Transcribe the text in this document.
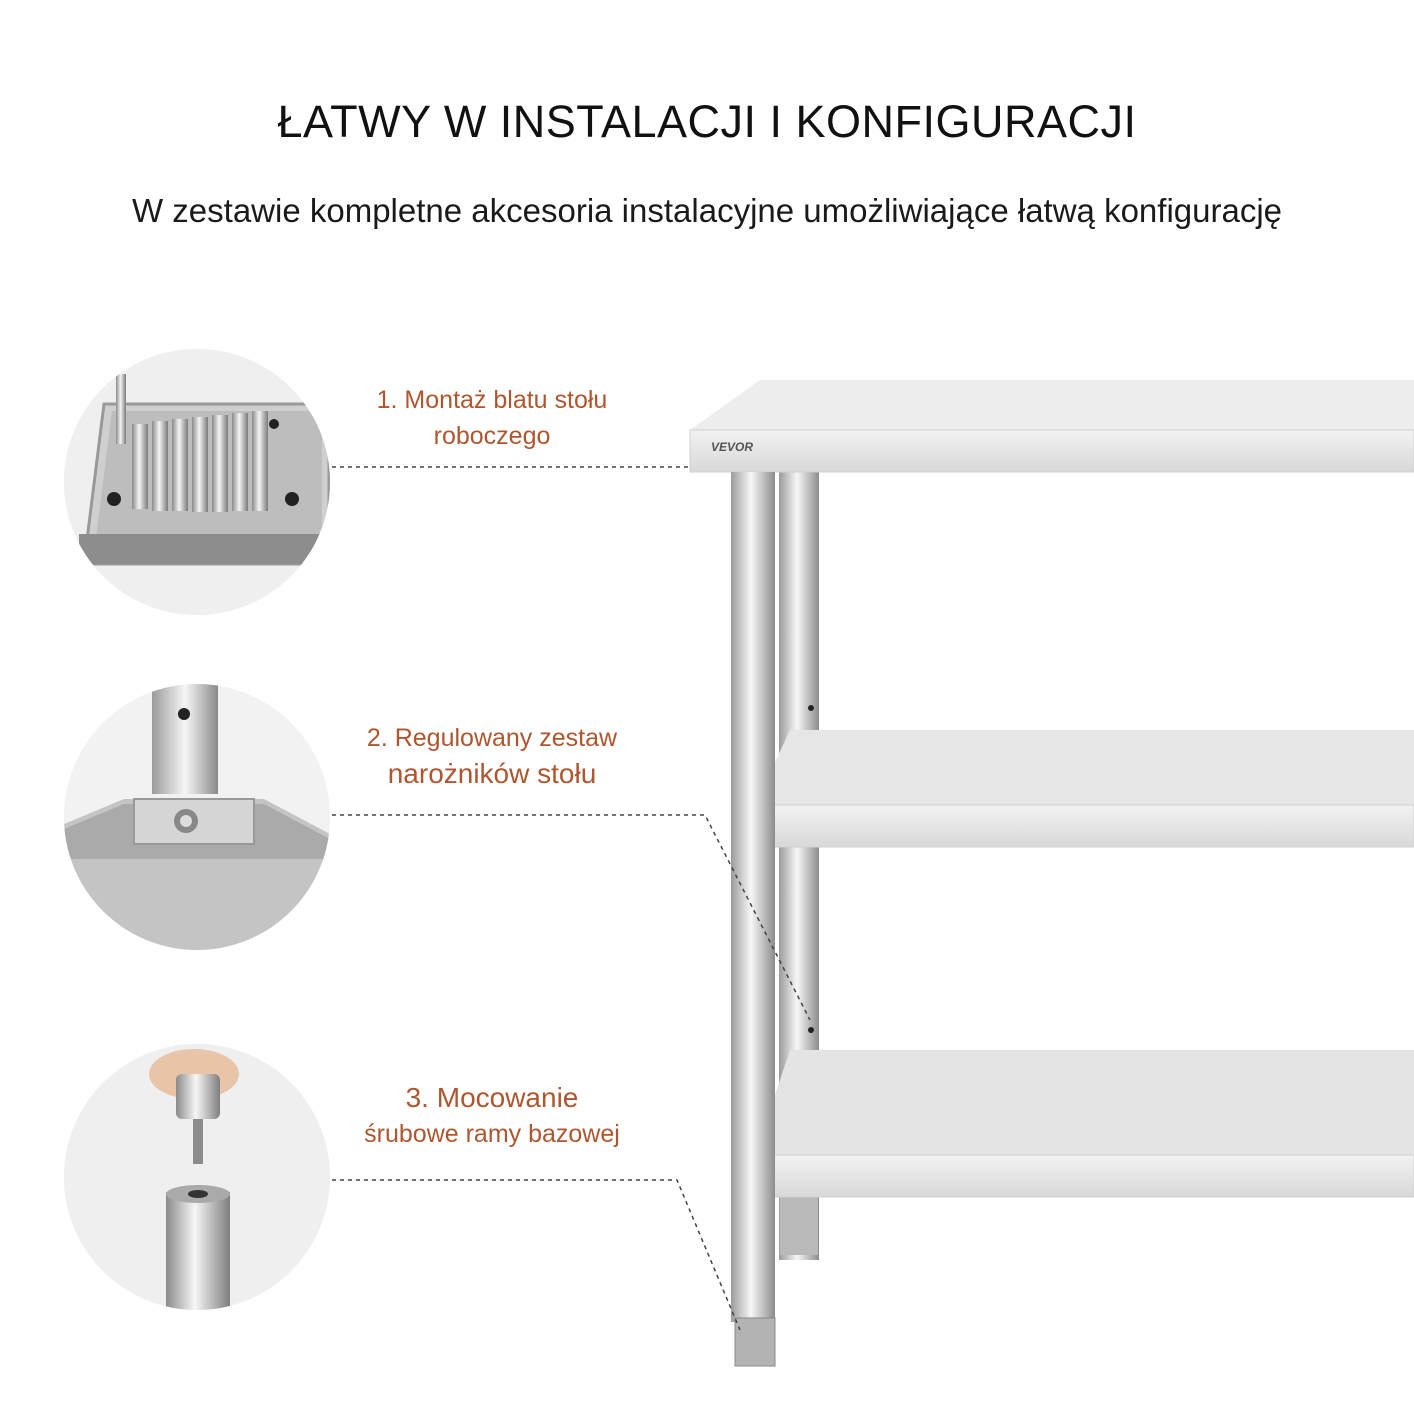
ŁATWY W INSTALACJI I KONFIGURACJI
W zestawie kompletne akcesoria instalacyjne umożliwiające łatwą konfigurację
1. Montaż blatu stołu
roboczego
2. Regulowany zestaw
narożników stołu
3. Mocowanie
śrubowe ramy bazowej
VEVOR
